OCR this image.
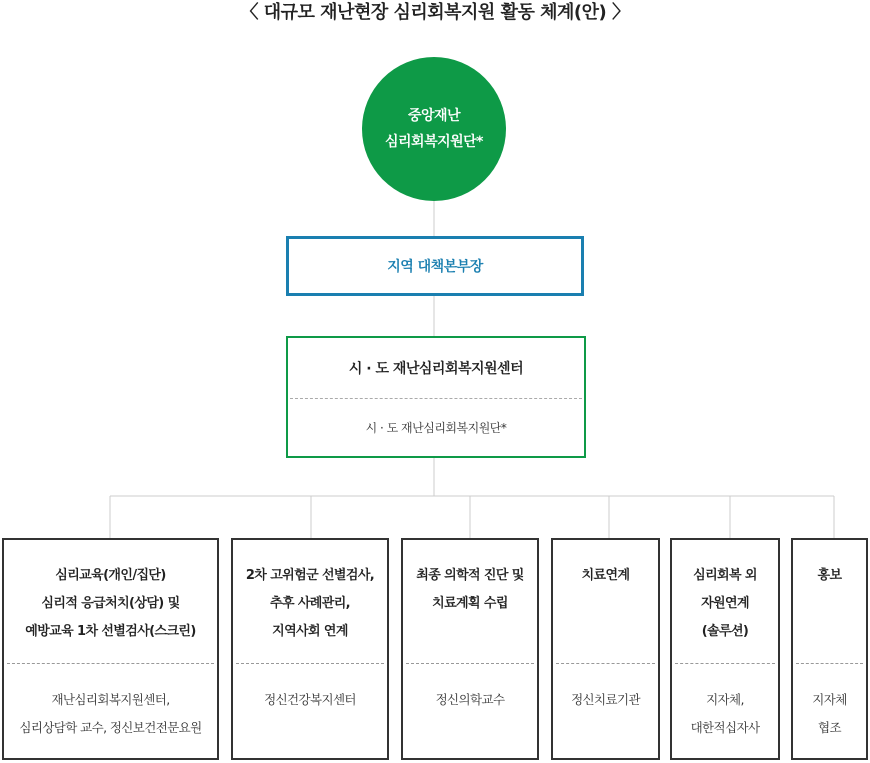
〈 대규모 재난현장 심리회복지원 활동 체계(안) 〉
중앙재난
심리회복지원단*
지역 대책본부장
시 · 도 재난심리회복지원센터
시 · 도 재난심리회복지원단*
심리교육(개인/집단)
심리적 응급처치(상담) 및
예방교육 1차 선별검사(스크린)
재난심리회복지원센터,
심리상담학 교수, 정신보건전문요원
2차 고위험군 선별검사,
추후 사례관리,
지역사회 연계
정신건강복지센터
최종 의학적 진단 및
치료계획 수립
정신의학교수
치료연계
정신치료기관
심리회복 외
자원연계
(솔루션)
지자체,
대한적십자사
홍보
지자체
협조
